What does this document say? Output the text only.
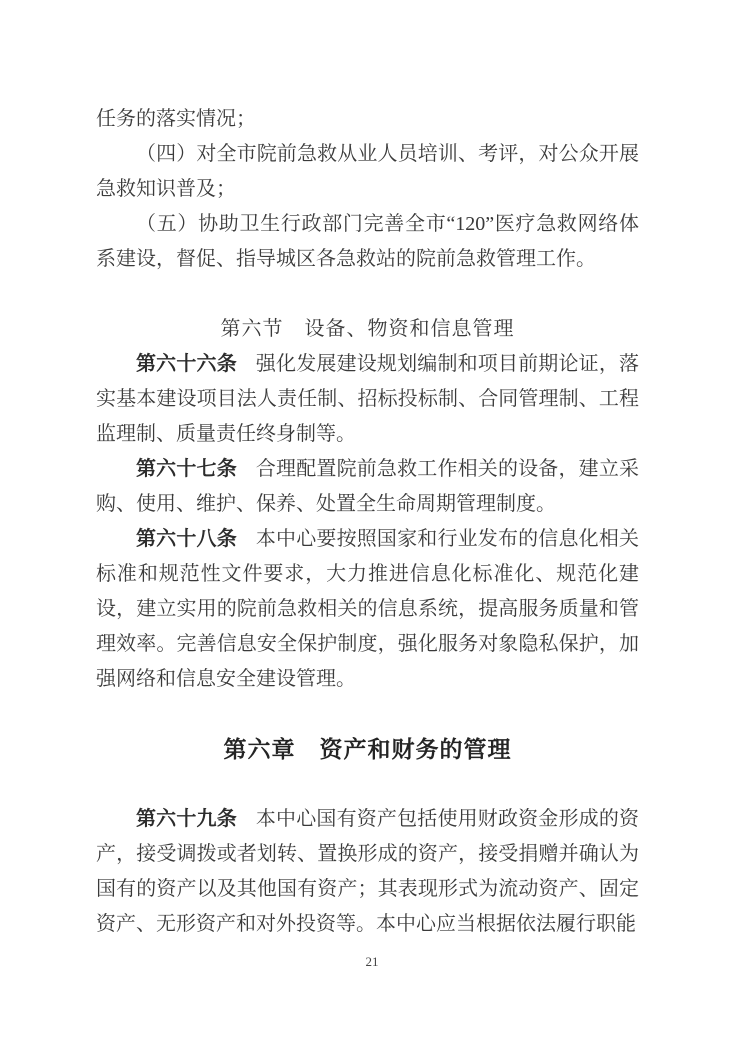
任务的落实情况；

（四）对全市院前急救从业人员培训、考评，对公众开展急救知识普及；

（五）协助卫生行政部门完善全市“120”医疗急救网络体系建设，督促、指导城区各急救站的院前急救管理工作。

第六节　设备、物资和信息管理

第六十六条 强化发展建设规划编制和项目前期论证，落实基本建设项目法人责任制、招标投标制、合同管理制、工程监理制、质量责任终身制等。

第六十七条 合理配置院前急救工作相关的设备，建立采购、使用、维护、保养、处置全生命周期管理制度。

第六十八条 本中心要按照国家和行业发布的信息化相关标准和规范性文件要求，大力推进信息化标准化、规范化建设，建立实用的院前急救相关的信息系统，提高服务质量和管理效率。完善信息安全保护制度，强化服务对象隐私保护，加强网络和信息安全建设管理。

第六章　资产和财务的管理

第六十九条 本中心国有资产包括使用财政资金形成的资产，接受调拨或者划转、置换形成的资产，接受捐赠并确认为国有的资产以及其他国有资产；其表现形式为流动资产、固定资产、无形资产和对外投资等。本中心应当根据依法履行职能

21
